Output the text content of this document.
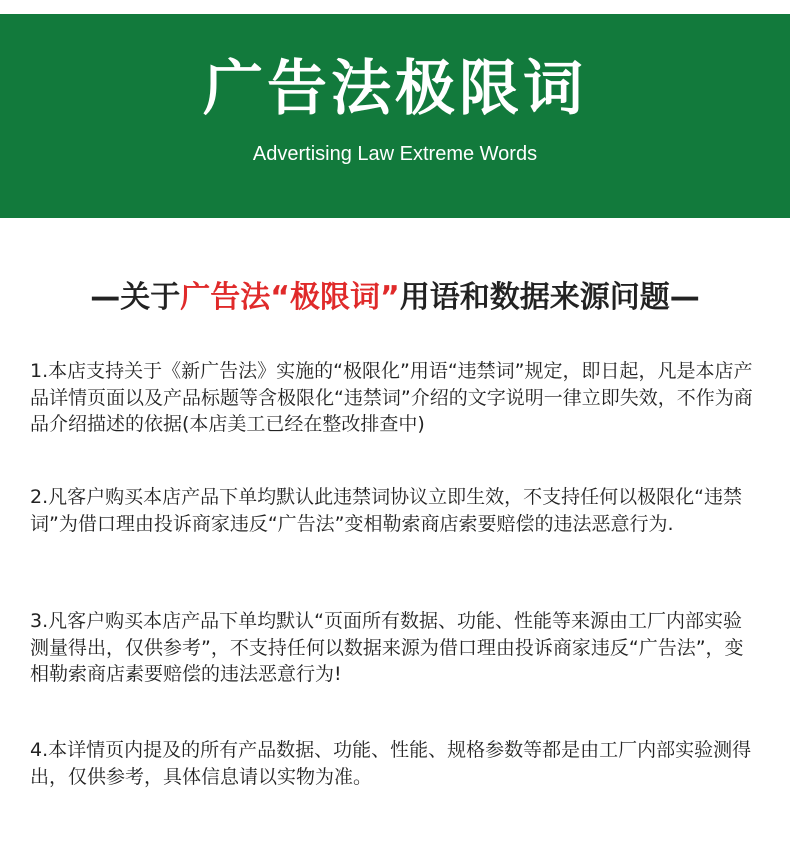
广告法极限词
Advertising Law Extreme Words
—关于广告法“极限词”用语和数据来源问题—
1.本店支持关于《新广告法》实施的“极限化”用语“违禁词”规定，即日起，凡是本店产品详情页面以及产品标题等含极限化“违禁词”介绍的文字说明一律立即失效，不作为商品介绍描述的依据(本店美工已经在整改排查中)
2.凡客户购买本店产品下单均默认此违禁词协议立即生效，不支持任何以极限化“违禁词”为借口理由投诉商家违反“广告法”变相勒索商店索要赔偿的违法恶意行为.
3.凡客户购买本店产品下单均默认“页面所有数据、功能、性能等来源由工厂内部实验测量得出，仅供参考”，不支持任何以数据来源为借口理由投诉商家违反“广告法”，变相勒索商店素要赔偿的违法恶意行为!
4.本详情页内提及的所有产品数据、功能、性能、规格参数等都是由工厂内部实验测得出，仅供参考，具体信息请以实物为准。
